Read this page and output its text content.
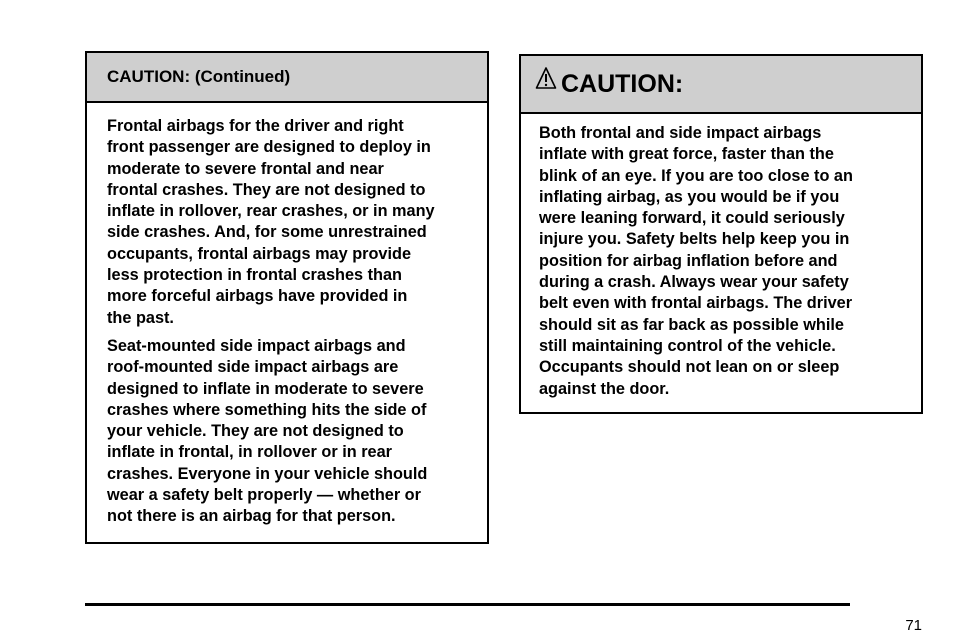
CAUTION: (Continued)

Frontal airbags for the driver and right
front passenger are designed to deploy in
moderate to severe frontal and near
frontal crashes. They are not designed to
inflate in rollover, rear crashes, or in many
side crashes. And, for some unrestrained
occupants, frontal airbags may provide
less protection in frontal crashes than
more forceful airbags have provided in
the past.

Seat-mounted side impact airbags and
roof-mounted side impact airbags are
designed to inflate in moderate to severe
crashes where something hits the side of
your vehicle. They are not designed to
inflate in frontal, in rollover or in rear
crashes. Everyone in your vehicle should
wear a safety belt properly — whether or
not there is an airbag for that person.

CAUTION:

Both frontal and side impact airbags
inflate with great force, faster than the
blink of an eye. If you are too close to an
inflating airbag, as you would be if you
were leaning forward, it could seriously
injure you. Safety belts help keep you in
position for airbag inflation before and
during a crash. Always wear your safety
belt even with frontal airbags. The driver
should sit as far back as possible while
still maintaining control of the vehicle.
Occupants should not lean on or sleep
against the door.

71
